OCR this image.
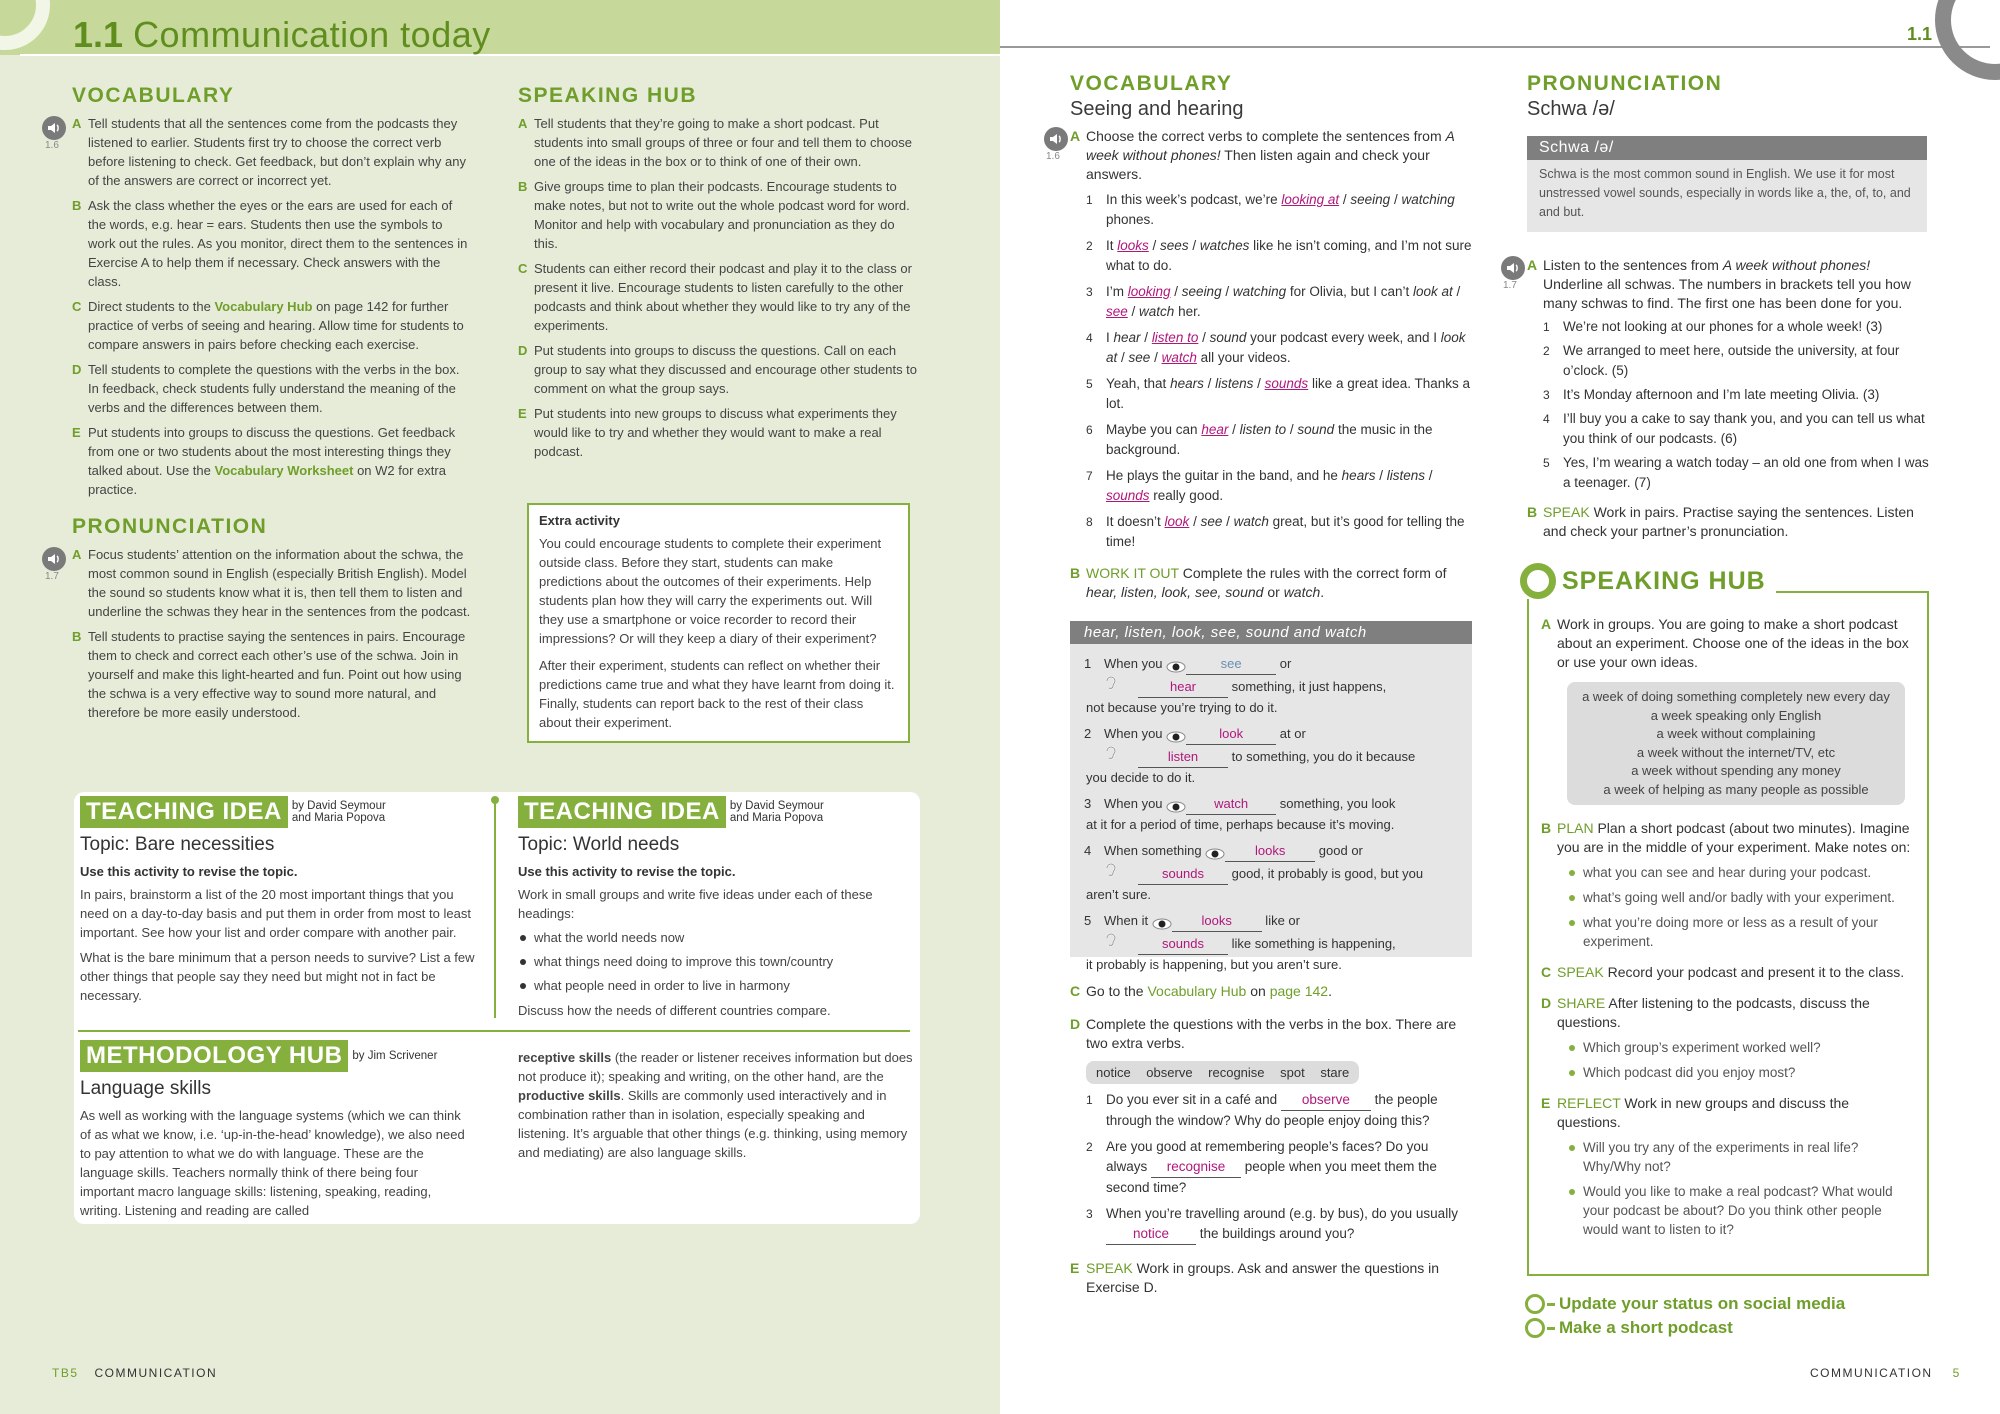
1.1 Communication today
VOCABULARY
1.6
A Tell students that all the sentences come from the podcasts they listened to earlier. Students first try to choose the correct verb before listening to check. Get feedback, but don’t explain why any of the answers are correct or incorrect yet.
B Ask the class whether the eyes or the ears are used for each of the words, e.g. hear = ears. Students then use the symbols to work out the rules. As you monitor, direct them to the sentences in Exercise A to help them if necessary. Check answers with the class.
C Direct students to the Vocabulary Hub on page 142 for further practice of verbs of seeing and hearing. Allow time for students to compare answers in pairs before checking each exercise.
D Tell students to complete the questions with the verbs in the box. In feedback, check students fully understand the meaning of the verbs and the differences between them.
E Put students into groups to discuss the questions. Get feedback from one or two students about the most interesting things they talked about. Use the Vocabulary Worksheet on W2 for extra practice.
PRONUNCIATION
1.7
A Focus students’ attention on the information about the schwa, the most common sound in English (especially British English). Model the sound so students know what it is, then tell them to listen and underline the schwas they hear in the sentences from the podcast.
B Tell students to practise saying the sentences in pairs. Encourage them to check and correct each other’s use of the schwa. Join in yourself and make this light-hearted and fun. Point out how using the schwa is a very effective way to sound more natural, and therefore be more easily understood.
SPEAKING HUB
A Tell students that they’re going to make a short podcast. Put students into small groups of three or four and tell them to choose one of the ideas in the box or to think of one of their own.
B Give groups time to plan their podcasts. Encourage students to make notes, but not to write out the whole podcast word for word. Monitor and help with vocabulary and pronunciation as they do this.
C Students can either record their podcast and play it to the class or present it live. Encourage students to listen carefully to the other podcasts and think about whether they would like to try any of the experiments.
D Put students into groups to discuss the questions. Call on each group to say what they discussed and encourage other students to comment on what the group says.
E Put students into new groups to discuss what experiments they would like to try and whether they would want to make a real podcast.
Extra activity
You could encourage students to complete their experiment outside class. Before they start, students can make predictions about the outcomes of their experiments. Help students plan how they will carry the experiments out. Will they use a smartphone or voice recorder to record their impressions? Or will they keep a diary of their experiment?
After their experiment, students can reflect on whether their predictions came true and what they have learnt from doing it. Finally, students can report back to the rest of their class about their experiment.
TEACHING IDEA by David Seymour
and Maria Popova
Topic: Bare necessities
Use this activity to revise the topic.
In pairs, brainstorm a list of the 20 most important things that you need on a day-to-day basis and put them in order from most to least important. See how your list and order compare with another pair.
What is the bare minimum that a person needs to survive? List a few other things that people say they need but might not in fact be necessary.
TEACHING IDEA by David Seymour
and Maria Popova
Topic: World needs
Use this activity to revise the topic.
Work in small groups and write five ideas under each of these headings:
what the world needs now
what things need doing to improve this town/country
what people need in order to live in harmony
Discuss how the needs of different countries compare.
METHODOLOGY HUB by Jim Scrivener
Language skills
As well as working with the language systems (which we can think of as what we know, i.e. ‘up-in-the-head’ knowledge), we also need to pay attention to what we do with language. These are the language skills. Teachers normally think of there being four important macro language skills: listening, speaking, reading, writing. Listening and reading are called
receptive skills (the reader or listener receives information but does not produce it); speaking and writing, on the other hand, are the productive skills. Skills are commonly used interactively and in combination rather than in isolation, especially speaking and listening. It’s arguable that other things (e.g. thinking, using memory and mediating) are also language skills.
TB5 COMMUNICATION
1.1
VOCABULARY
Seeing and hearing
1.6
A Choose the correct verbs to complete the sentences from A week without phones! Then listen again and check your answers.
1 In this week’s podcast, we’re looking at / seeing / watching phones.
2 It looks / sees / watches like he isn’t coming, and I’m not sure what to do.
3 I’m looking / seeing / watching for Olivia, but I can’t look at / see / watch her.
4 I hear / listen to / sound your podcast every week, and I look at / see / watch all your videos.
5 Yeah, that hears / listens / sounds like a great idea. Thanks a lot.
6 Maybe you can hear / listen to / sound the music in the background.
7 He plays the guitar in the band, and he hears / listens / sounds really good.
8 It doesn’t look / see / watch great, but it’s good for telling the time!
B WORK IT OUT Complete the rules with the correct form of hear, listen, look, see, sound or watch.
hear, listen, look, see, sound and watch
1 When you	see	or
hear something, it just happens,
not because you’re trying to do it.
2 When you	look	at or
listen to something, you do it because
you decide to do it.
3 When you	watch something, you look
at it for a period of time, perhaps because it’s moving.
4 When something	looks good or
sounds good, it probably is good, but you
aren’t sure.
5 When it	looks like or
sounds like something is happening,
it probably is happening, but you aren’t sure.
C Go to the Vocabulary Hub on page 142.
D Complete the questions with the verbs in the box. There are two extra verbs.
notice observe recognise spot stare
1 Do you ever sit in a café and observe the people through the window? Why do people enjoy doing this?
2 Are you good at remembering people’s faces? Do you always recognise people when you meet them the second time?
3 When you’re travelling around (e.g. by bus), do you usually notice the buildings around you?
E SPEAK Work in groups. Ask and answer the questions in Exercise D.
PRONUNCIATION
Schwa /ə/
Schwa /ə/
Schwa is the most common sound in English. We use it for most unstressed vowel sounds, especially in words like a, the, of, to, and and but.
1.7
A Listen to the sentences from A week without phones! Underline all schwas. The numbers in brackets tell you how many schwas to find. The first one has been done for you.
1 We’re not looking at our phones for a whole week! (3)
2 We arranged to meet here, outside the university, at four o’clock. (5)
3 It’s Monday afternoon and I’m late meeting Olivia. (3)
4 I’ll buy you a cake to say thank you, and you can tell us what you think of our podcasts. (6)
5 Yes, I’m wearing a watch today – an old one from when I was a teenager. (7)
B SPEAK Work in pairs. Practise saying the sentences. Listen and check your partner’s pronunciation.
A Work in groups. You are going to make a short podcast about an experiment. Choose one of the ideas in the box or use your own ideas.
a week of doing something completely new every day
a week speaking only English
a week without complaining
a week without the internet/TV, etc
a week without spending any money
a week of helping as many people as possible
B PLAN Plan a short podcast (about two minutes). Imagine you are in the middle of your experiment. Make notes on:
what you can see and hear during your podcast.
what’s going well and/or badly with your experiment.
what you’re doing more or less as a result of your experiment.
C SPEAK Record your podcast and present it to the class.
D SHARE After listening to the podcasts, discuss the questions.
Which group’s experiment worked well?
Which podcast did you enjoy most?
E REFLECT Work in new groups and discuss the questions.
Will you try any of the experiments in real life? Why/Why not?
Would you like to make a real podcast? What would your podcast be about? Do you think other people would want to listen to it?
SPEAKING HUB
Update your status on social media
Make a short podcast
COMMUNICATION 5
